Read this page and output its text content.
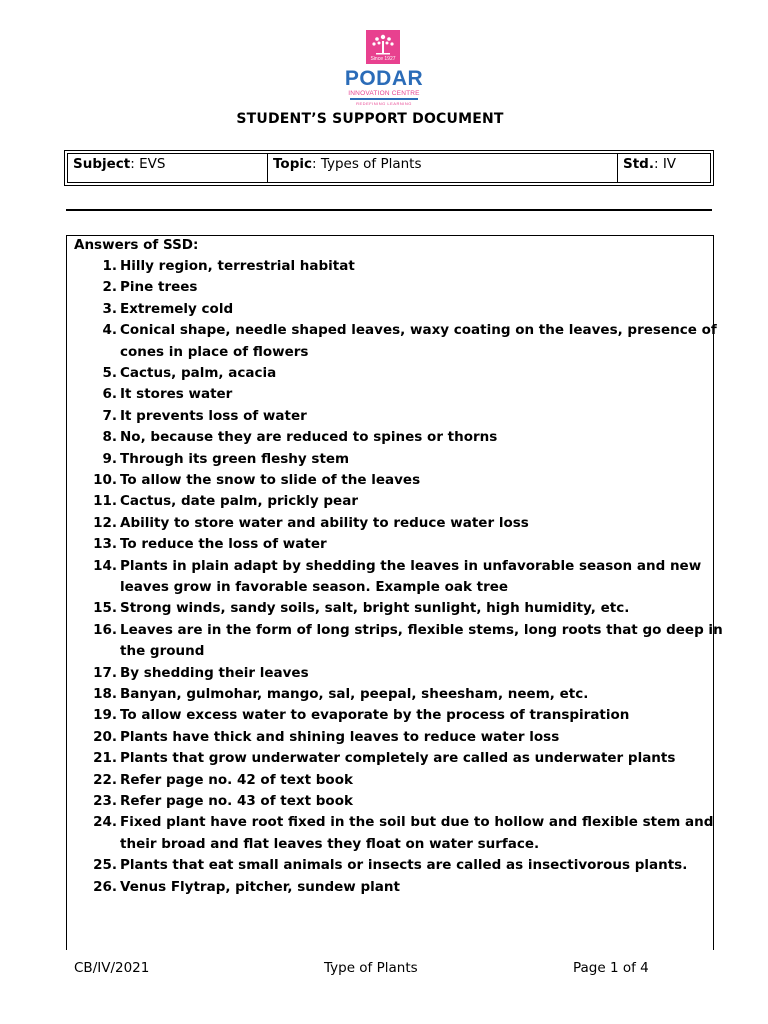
Since 1927
PODAR
INNOVATION CENTRE
REDEFINING LEARNING
STUDENT’S SUPPORT DOCUMENT
Subject: EVS	Topic: Types of Plants	Std.: IV
Answers of SSD:
1. Hilly region, terrestrial habitat
2. Pine trees
3. Extremely cold
4. Conical shape, needle shaped leaves, waxy coating on the leaves, presence of
cones in place of flowers
5. Cactus, palm, acacia
6. It stores water
7. It prevents loss of water
8. No, because they are reduced to spines or thorns
9. Through its green fleshy stem
10. To allow the snow to slide of the leaves
11. Cactus, date palm, prickly pear
12. Ability to store water and ability to reduce water loss
13. To reduce the loss of water
14. Plants in plain adapt by shedding the leaves in unfavorable season and new
leaves grow in favorable season. Example oak tree
15. Strong winds, sandy soils, salt, bright sunlight, high humidity, etc.
16. Leaves are in the form of long strips, flexible stems, long roots that go deep in
the ground
17. By shedding their leaves
18. Banyan, gulmohar, mango, sal, peepal, sheesham, neem, etc.
19. To allow excess water to evaporate by the process of transpiration
20. Plants have thick and shining leaves to reduce water loss
21. Plants that grow underwater completely are called as underwater plants
22. Refer page no. 42 of text book
23. Refer page no. 43 of text book
24. Fixed plant have root fixed in the soil but due to hollow and flexible stem and
their broad and flat leaves they float on water surface.
25. Plants that eat small animals or insects are called as insectivorous plants.
26. Venus Flytrap, pitcher, sundew plant
CB/IV/2021	Type of Plants	Page 1 of 4
